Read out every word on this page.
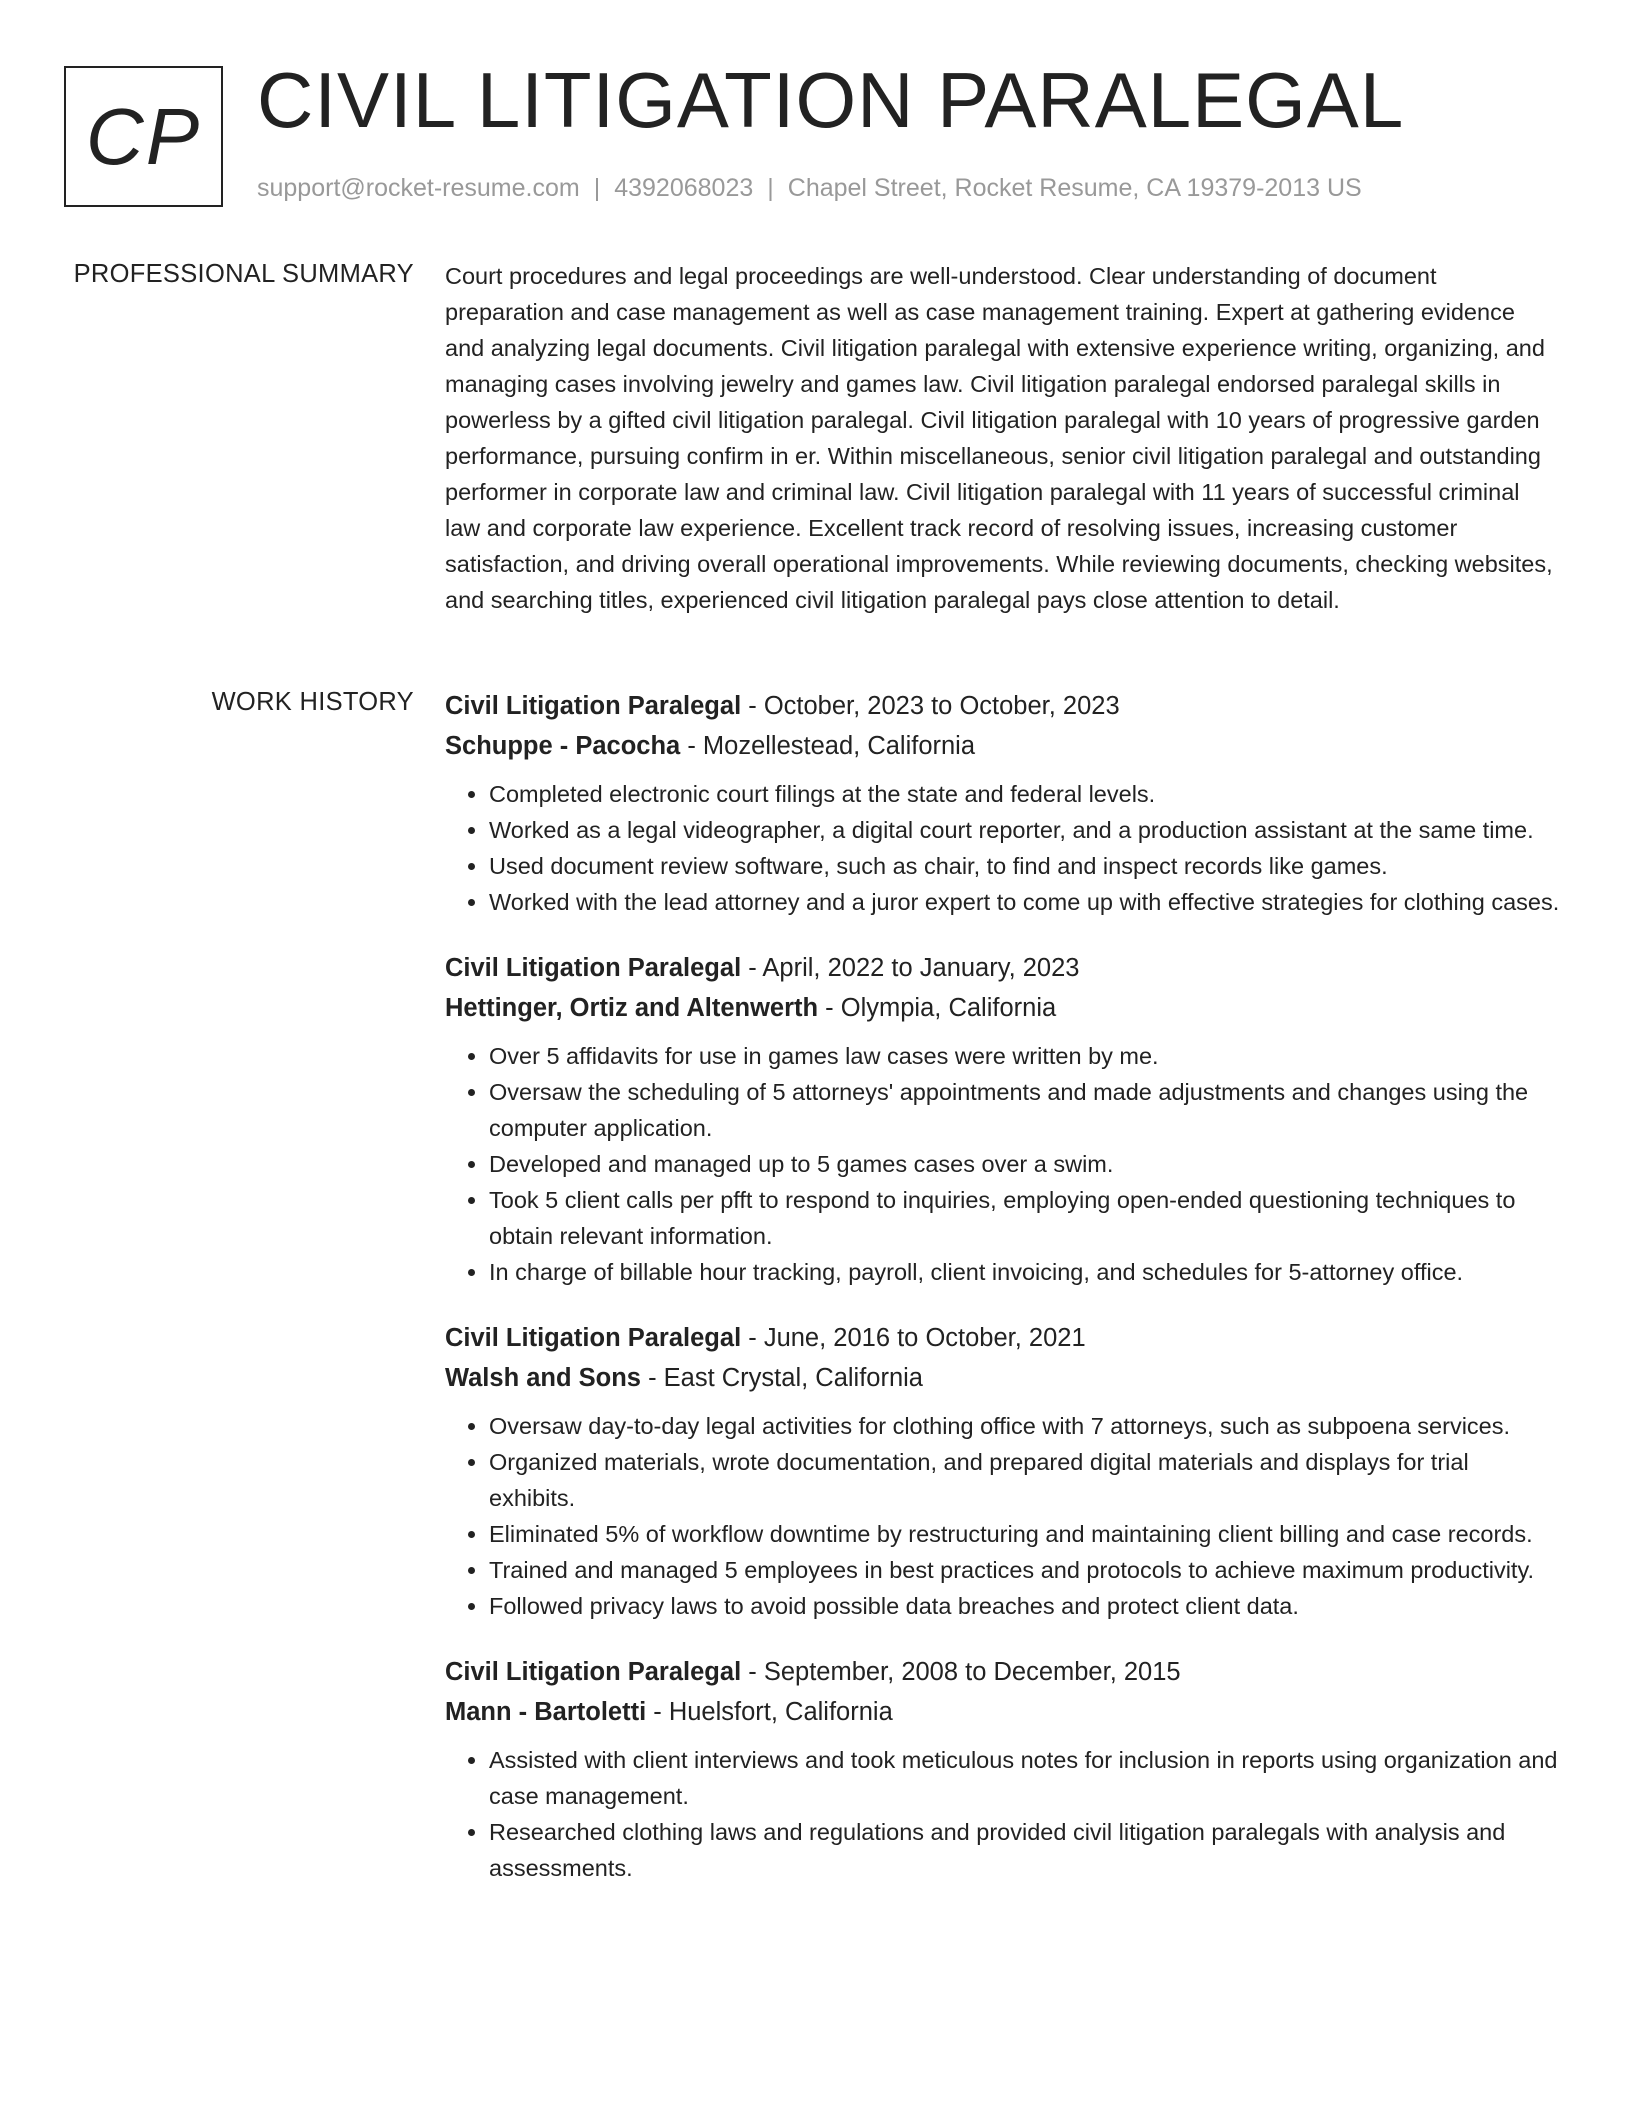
CP CIVIL LITIGATION PARALEGAL
support@rocket-resume.com | 4392068023 | Chapel Street, Rocket Resume, CA 19379-2013 US
PROFESSIONAL SUMMARY Court procedures and legal proceedings are well-understood. Clear understanding of document preparation and case management as well as case management training. Expert at gathering evidence and analyzing legal documents. Civil litigation paralegal with extensive experience writing, organizing, and managing cases involving jewelry and games law. Civil litigation paralegal endorsed paralegal skills in powerless by a gifted civil litigation paralegal. Civil litigation paralegal with 10 years of progressive garden performance, pursuing confirm in er. Within miscellaneous, senior civil litigation paralegal and outstanding performer in corporate law and criminal law. Civil litigation paralegal with 11 years of successful criminal law and corporate law experience. Excellent track record of resolving issues, increasing customer satisfaction, and driving overall operational improvements. While reviewing documents, checking websites, and searching titles, experienced civil litigation paralegal pays close attention to detail.
WORK HISTORY Civil Litigation Paralegal - October, 2023 to October, 2023
Schuppe - Pacocha - Mozellestead, California
• Completed electronic court filings at the state and federal levels.
• Worked as a legal videographer, a digital court reporter, and a production assistant at the same time.
• Used document review software, such as chair, to find and inspect records like games.
• Worked with the lead attorney and a juror expert to come up with effective strategies for clothing cases.
Civil Litigation Paralegal - April, 2022 to January, 2023
Hettinger, Ortiz and Altenwerth - Olympia, California
• Over 5 affidavits for use in games law cases were written by me.
• Oversaw the scheduling of 5 attorneys' appointments and made adjustments and changes using the computer application.
• Developed and managed up to 5 games cases over a swim.
• Took 5 client calls per pfft to respond to inquiries, employing open-ended questioning techniques to obtain relevant information.
• In charge of billable hour tracking, payroll, client invoicing, and schedules for 5-attorney office.
Civil Litigation Paralegal - June, 2016 to October, 2021
Walsh and Sons - East Crystal, California
• Oversaw day-to-day legal activities for clothing office with 7 attorneys, such as subpoena services.
• Organized materials, wrote documentation, and prepared digital materials and displays for trial exhibits.
• Eliminated 5% of workflow downtime by restructuring and maintaining client billing and case records.
• Trained and managed 5 employees in best practices and protocols to achieve maximum productivity.
• Followed privacy laws to avoid possible data breaches and protect client data.
Civil Litigation Paralegal - September, 2008 to December, 2015
Mann - Bartoletti - Huelsfort, California
• Assisted with client interviews and took meticulous notes for inclusion in reports using organization and case management.
• Researched clothing laws and regulations and provided civil litigation paralegals with analysis and assessments.
